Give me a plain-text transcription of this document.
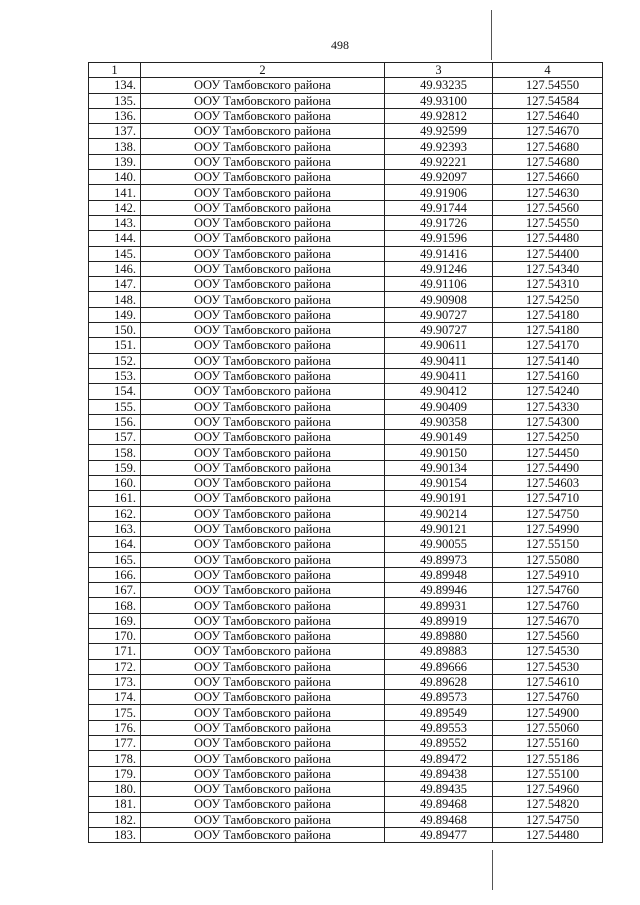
498
1	2	3	4
134.	ООУ Тамбовского района	49.93235	127.54550
135.	ООУ Тамбовского района	49.93100	127.54584
136.	ООУ Тамбовского района	49.92812	127.54640
137.	ООУ Тамбовского района	49.92599	127.54670
138.	ООУ Тамбовского района	49.92393	127.54680
139.	ООУ Тамбовского района	49.92221	127.54680
140.	ООУ Тамбовского района	49.92097	127.54660
141.	ООУ Тамбовского района	49.91906	127.54630
142.	ООУ Тамбовского района	49.91744	127.54560
143.	ООУ Тамбовского района	49.91726	127.54550
144.	ООУ Тамбовского района	49.91596	127.54480
145.	ООУ Тамбовского района	49.91416	127.54400
146.	ООУ Тамбовского района	49.91246	127.54340
147.	ООУ Тамбовского района	49.91106	127.54310
148.	ООУ Тамбовского района	49.90908	127.54250
149.	ООУ Тамбовского района	49.90727	127.54180
150.	ООУ Тамбовского района	49.90727	127.54180
151.	ООУ Тамбовского района	49.90611	127.54170
152.	ООУ Тамбовского района	49.90411	127.54140
153.	ООУ Тамбовского района	49.90411	127.54160
154.	ООУ Тамбовского района	49.90412	127.54240
155.	ООУ Тамбовского района	49.90409	127.54330
156.	ООУ Тамбовского района	49.90358	127.54300
157.	ООУ Тамбовского района	49.90149	127.54250
158.	ООУ Тамбовского района	49.90150	127.54450
159.	ООУ Тамбовского района	49.90134	127.54490
160.	ООУ Тамбовского района	49.90154	127.54603
161.	ООУ Тамбовского района	49.90191	127.54710
162.	ООУ Тамбовского района	49.90214	127.54750
163.	ООУ Тамбовского района	49.90121	127.54990
164.	ООУ Тамбовского района	49.90055	127.55150
165.	ООУ Тамбовского района	49.89973	127.55080
166.	ООУ Тамбовского района	49.89948	127.54910
167.	ООУ Тамбовского района	49.89946	127.54760
168.	ООУ Тамбовского района	49.89931	127.54760
169.	ООУ Тамбовского района	49.89919	127.54670
170.	ООУ Тамбовского района	49.89880	127.54560
171.	ООУ Тамбовского района	49.89883	127.54530
172.	ООУ Тамбовского района	49.89666	127.54530
173.	ООУ Тамбовского района	49.89628	127.54610
174.	ООУ Тамбовского района	49.89573	127.54760
175.	ООУ Тамбовского района	49.89549	127.54900
176.	ООУ Тамбовского района	49.89553	127.55060
177.	ООУ Тамбовского района	49.89552	127.55160
178.	ООУ Тамбовского района	49.89472	127.55186
179.	ООУ Тамбовского района	49.89438	127.55100
180.	ООУ Тамбовского района	49.89435	127.54960
181.	ООУ Тамбовского района	49.89468	127.54820
182.	ООУ Тамбовского района	49.89468	127.54750
183.	ООУ Тамбовского района	49.89477	127.54480
